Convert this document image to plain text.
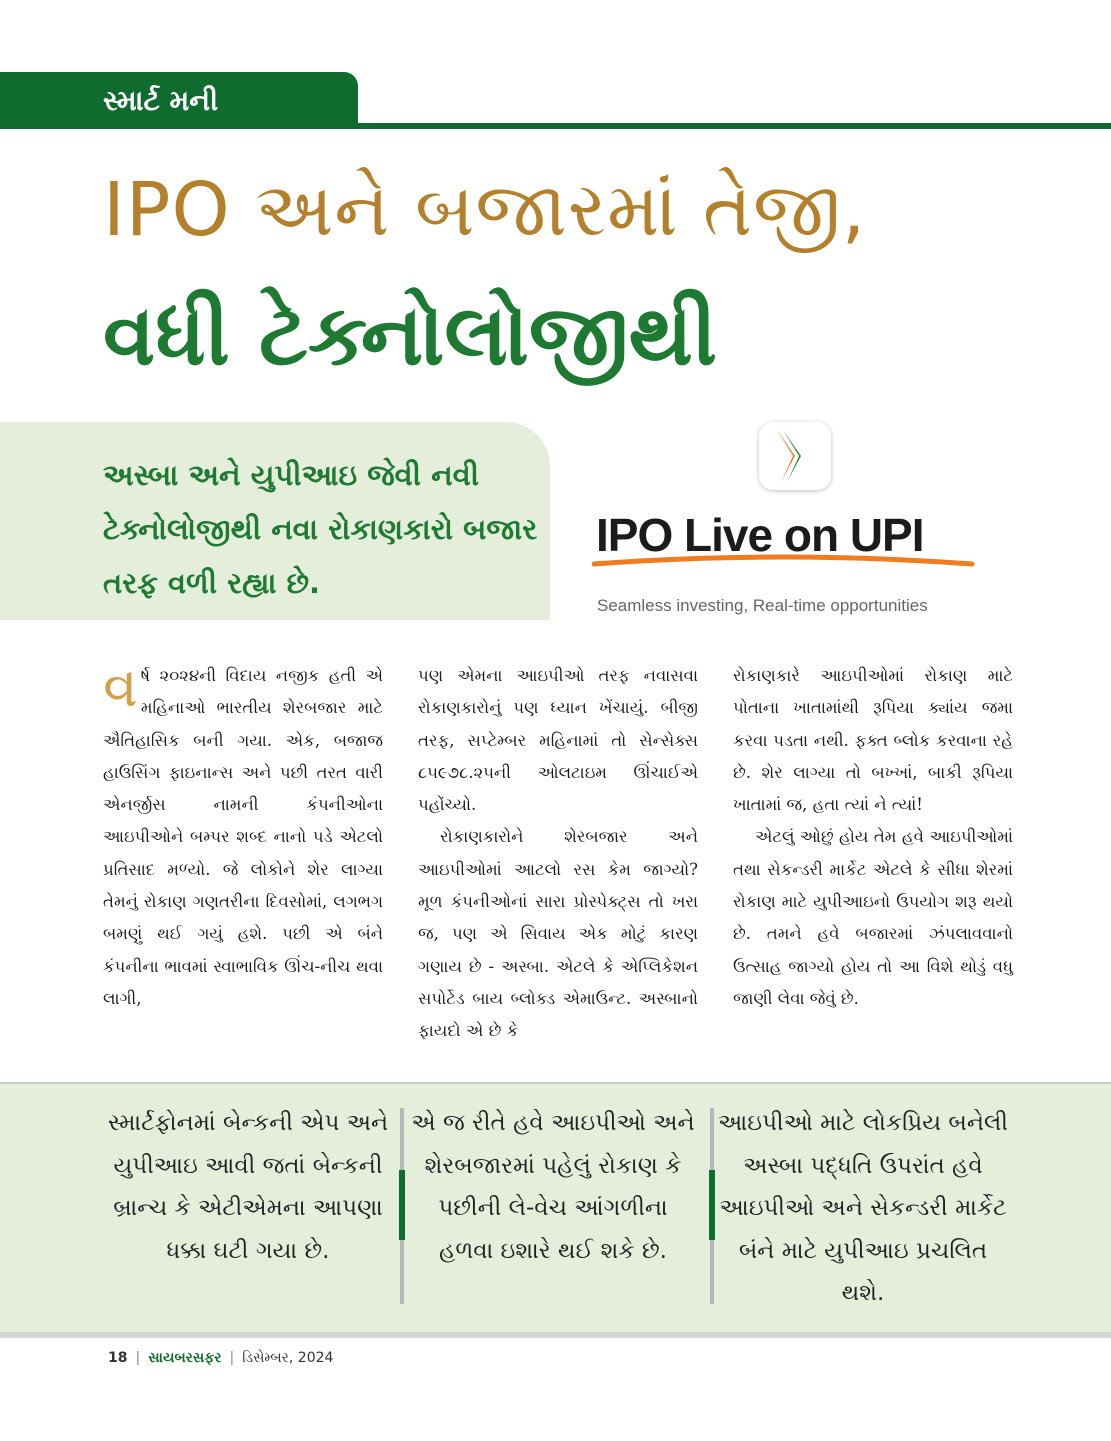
સ્માર્ટ મની
IPO અને બજારમાં તેજી,
વધી ટેક્નોલોજીથી
અસ્બા અને યુપીઆઇ જેવી નવી ટેક્નોલોજીથી નવા રોકાણકારો બજાર તરફ વળી રહ્યા છે.
IPO Live on UPI
Seamless investing, Real-time opportunities

વ ર્ષ ૨૦૨૪ની વિદાય નજીક હતી એ મહિનાઓ ભારતીય શેરબજાર માટે ઐતિહાસિક બની ગયા. એક, બજાજ હાઉસિંગ ફાઇનાન્સ અને પછી તરત વારી એનર્જીસ નામની કંપનીઓના આઇપીઓને બમ્પર શબ્દ નાનો પડે એટલો પ્રતિસાદ મળ્યો. જે લોકોને શેર લાગ્યા તેમનું રોકાણ ગણતરીના દિવસોમાં, લગભગ બમણું થઈ ગયું હશે. પછી એ બંને કંપનીના ભાવમાં સ્વાભાવિક ઊંચ-નીચ થવા લાગી,

પણ એમના આઇપીઓ તરફ નવાસવા રોકાણકારોનું પણ ધ્યાન ખેંચાયું. બીજી તરફ, સપ્ટેમ્બર મહિનામાં તો સેન્સેક્સ ૮૫૯૭૮.૨૫ની ઓલટાઇમ ઊંચાઈએ પહોંચ્યો.

રોકાણકારોને શેરબજાર અને આઇપીઓમાં આટલો રસ કેમ જાગ્યો? મૂળ કંપનીઓનાં સારા પ્રોસ્પેક્ટ્સ તો ખરા જ, પણ એ સિવાય એક મોટું કારણ ગણાય છે - અસ્બા. એટલે કે એપ્લિકેશન સપોર્ટેડ બાય બ્લોક્ડ એમાઉન્ટ. અસ્બાનો ફાયદો એ છે કે

રોકાણકારે આઇપીઓમાં રોકાણ માટે પોતાના ખાતામાંથી રૂપિયા ક્યાંય જમા કરવા પડતા નથી. ફક્ત બ્લોક કરવાના રહે છે. શેર લાગ્યા તો બખ્ખાં, બાકી રૂપિયા ખાતામાં જ, હતા ત્યાં ને ત્યાં!

એટલું ઓછું હોય તેમ હવે આઇપીઓમાં તથા સેકન્ડરી માર્કેટ એટલે કે સીધા શેરમાં રોકાણ માટે યુપીઆઇનો ઉપયોગ શરૂ થયો છે. તમને હવે બજારમાં ઝંપલાવવાનો ઉત્સાહ જાગ્યો હોય તો આ વિશે થોડું વધુ જાણી લેવા જેવું છે.

સ્માર્ટફોનમાં બેન્કની એપ અને યુપીઆઇ આવી જતાં બેન્કની બ્રાન્ચ કે એટીએમના આપણા ધક્કા ઘટી ગયા છે.
એ જ રીતે હવે આઇપીઓ અને શેરબજારમાં પહેલું રોકાણ કે પછીની લે-વેચ આંગળીના હળવા ઇશારે થઈ શકે છે.
આઇપીઓ માટે લોકપ્રિય બનેલી અસ્બા પદ્ધતિ ઉપરાંત હવે આઇપીઓ અને સેકન્ડરી માર્કેટ બંને માટે યુપીઆઇ પ્રચલિત થશે.
18 | સાયબરસફર | ડિસેમ્બર, 2024
